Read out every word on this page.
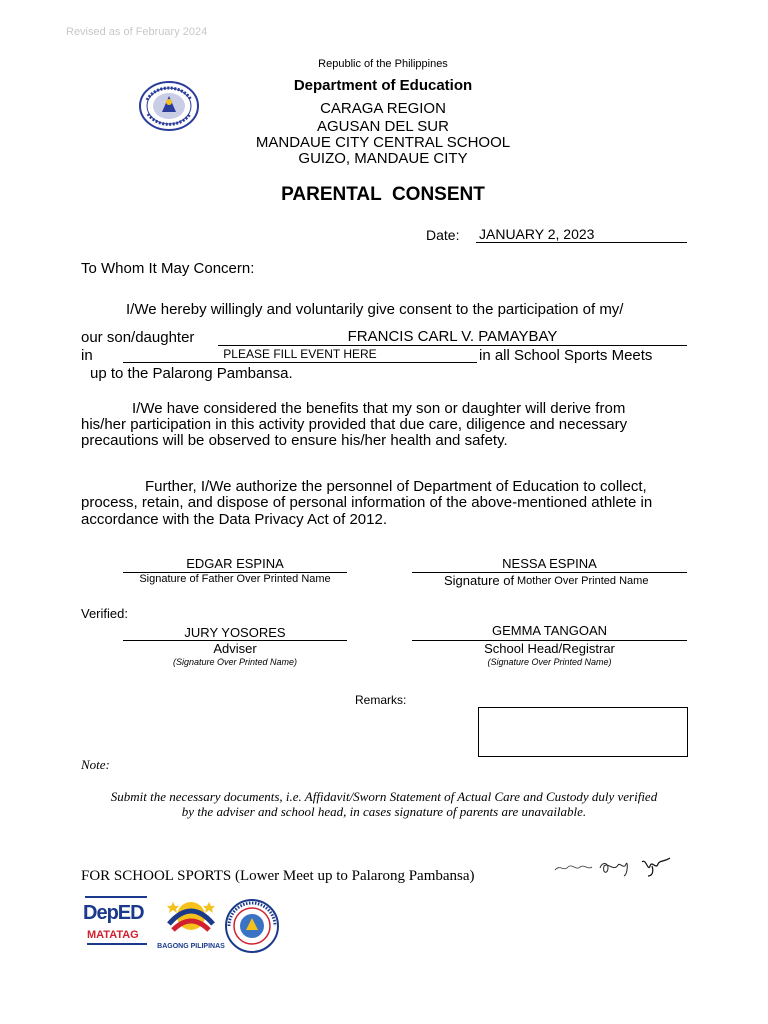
Revised as of February 2024
Republic of the Philippines
Department of Education
CARAGA REGION
AGUSAN DEL SUR
MANDAUE CITY CENTRAL SCHOOL
GUIZO, MANDAUE CITY
PARENTAL  CONSENT
Date: JANUARY 2, 2023
To Whom It May Concern:
I/We hereby willingly and voluntarily give consent to the participation of my/
our son/daughter	FRANCIS CARL V. PAMAYBAY
in	PLEASE FILL EVENT HERE	in all School Sports Meets
up to the Palarong Pambansa.
I/We have considered the benefits that my son or daughter will derive from
his/her participation in this activity provided that due care, diligence and necessary
precautions will be observed to ensure his/her health and safety.
Further, I/We authorize the personnel of Department of Education to collect,
process, retain, and dispose of personal information of the above-mentioned athlete in
accordance with the Data Privacy Act of 2012.
EDGAR ESPINA
Signature of Father Over Printed Name
NESSA ESPINA
Signature of Mother Over Printed Name
Verified:
JURY YOSORES
Adviser
(Signature Over Printed Name)
GEMMA TANGOAN
School Head/Registrar
(Signature Over Printed Name)
Remarks:
Note:
Submit the necessary documents, i.e. Affidavit/Sworn Statement of Actual Care and Custody duly verified
by the adviser and school head, in cases signature of parents are unavailable.
FOR SCHOOL SPORTS (Lower Meet up to Palarong Pambansa)
DepED
MATATAG
BAGONG PILIPINAS
